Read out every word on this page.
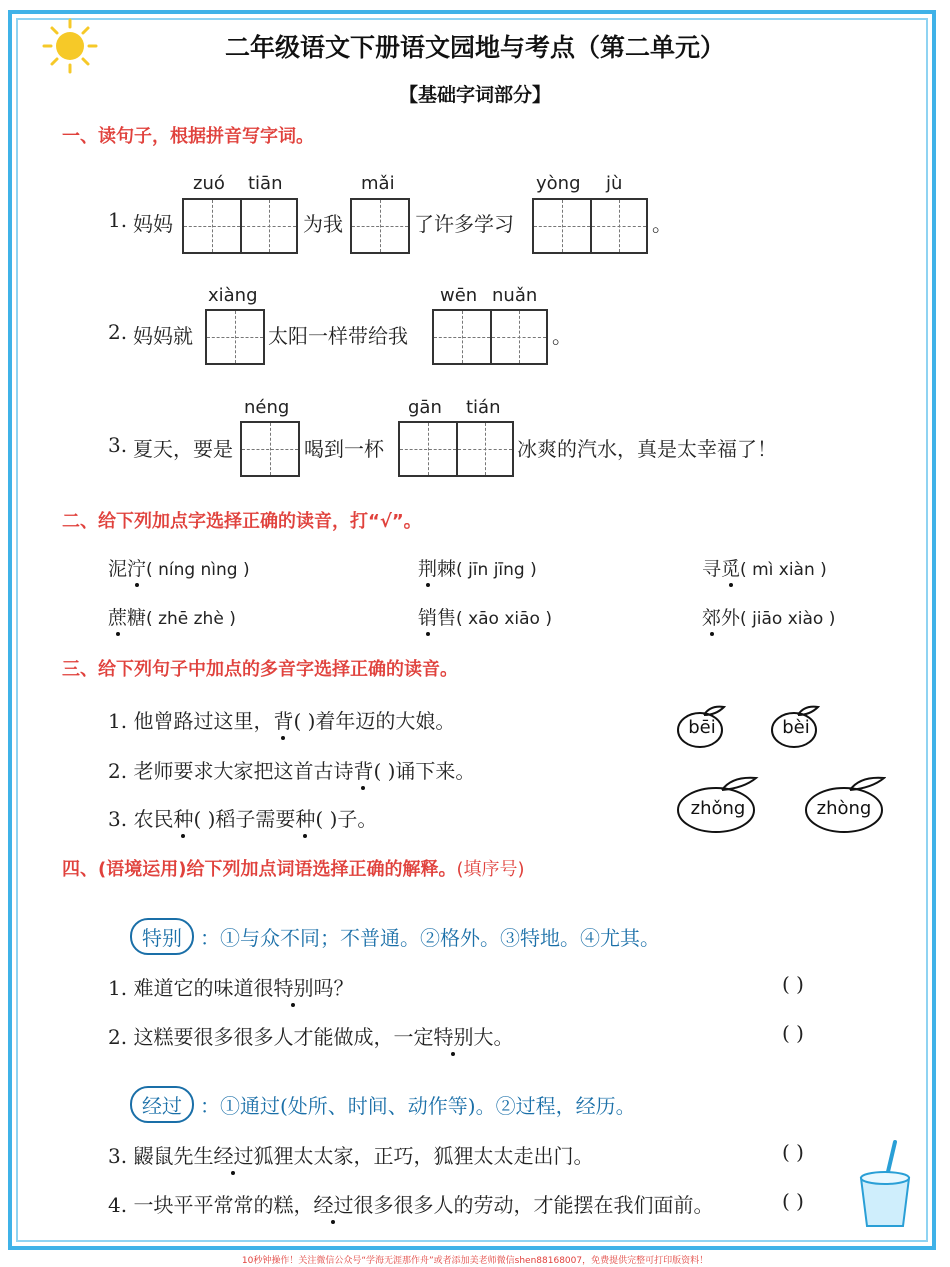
二年级语文下册语文园地与考点（第二单元）
【基础字词部分】
一、读句子，根据拼音写字词。
zuó tiān	mǎi	yòng jù
1. 妈妈	为我	了许多学习	。
xiàng	wēn nuǎn
2. 妈妈就	太阳一样带给我	。
néng	gān tián
3. 夏天，要是	喝到一杯	冰爽的汽水，真是太幸福了！
二、给下列加点字选择正确的读音，打“√”。
泥泞( níng nìng )	荆棘( jīn jīng )	寻觅( mì xiàn )
蔗糖( zhē zhè )	销售( xāo xiāo )	郊外( jiāo xiào )
三、给下列句子中加点的多音字选择正确的读音。
1. 他曾路过这里，背( )着年迈的大娘。
2. 老师要求大家把这首古诗背( )诵下来。
3. 农民种( )稻子需要种( )子。
bēi	bèi
zhǒng	zhòng
四、(语境运用)给下列加点词语选择正确的解释。(填序号)
特别 ：①与众不同；不普通。②格外。③特地。④尤其。
1. 难道它的味道很特别吗？	( )
2. 这糕要很多很多人才能做成，一定特别大。	( )
经过 ：①通过(处所、时间、动作等)。②过程，经历。
3. 鼹鼠先生经过狐狸太太家，正巧，狐狸太太走出门。	( )
4. 一块平平常常的糕，经过很多很多人的劳动，才能摆在我们面前。	( )
10秒钟操作！关注微信公众号“学海无涯那作舟”或者添加美老师微信shen88168007，免费提供完整可打印版资料！
